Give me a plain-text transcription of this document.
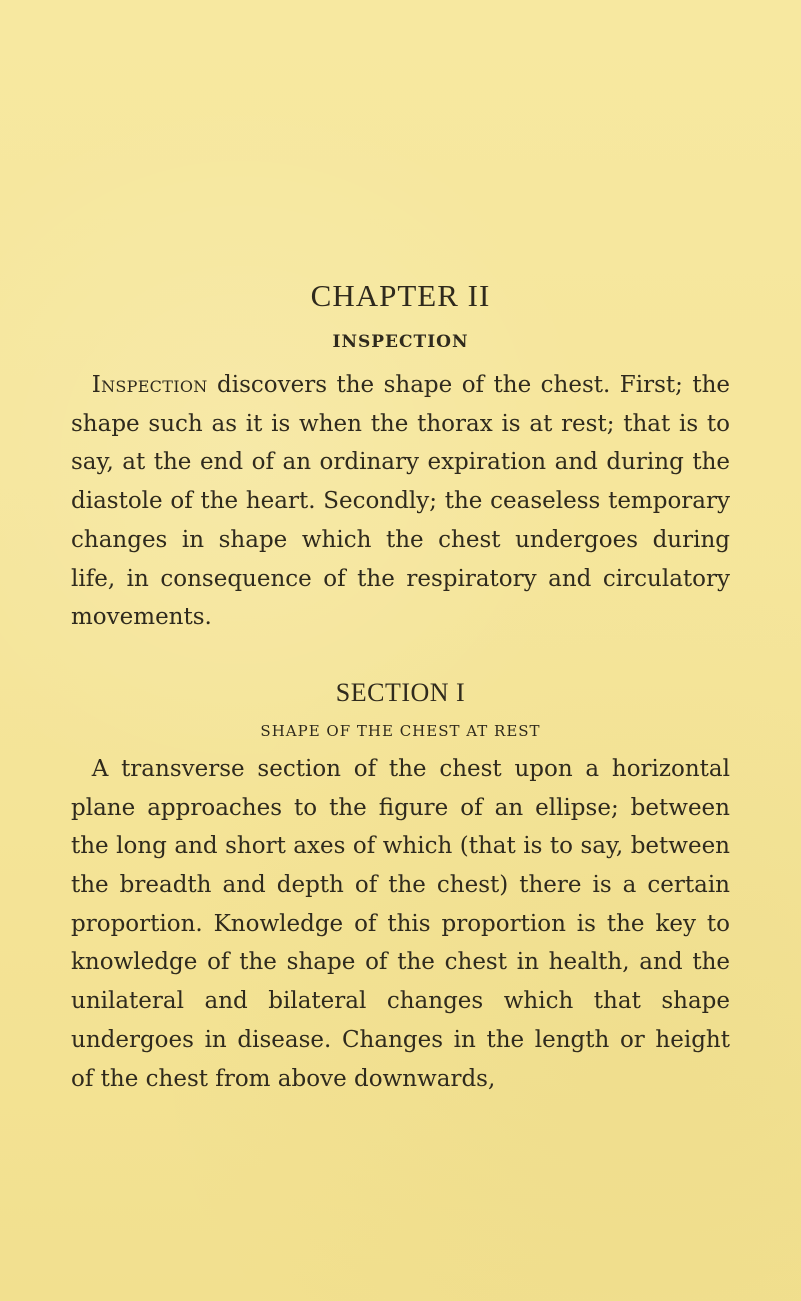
CHAPTER II
INSPECTION

Inspection discovers the shape of the chest. First; the shape such as it is when the thorax is at rest; that is to say, at the end of an ordinary expiration and during the diastole of the heart. Secondly; the ceaseless temporary changes in shape which the chest undergoes during life, in consequence of the respiratory and circulatory movements.

SECTION I
SHAPE OF THE CHEST AT REST

A transverse section of the chest upon a horizontal plane approaches to the figure of an ellipse; between the long and short axes of which (that is to say, between the breadth and depth of the chest) there is a certain proportion. Knowledge of this proportion is the key to knowledge of the shape of the chest in health, and the unilateral and bilateral changes which that shape undergoes in disease. Changes in the length or height of the chest from above downwards,
